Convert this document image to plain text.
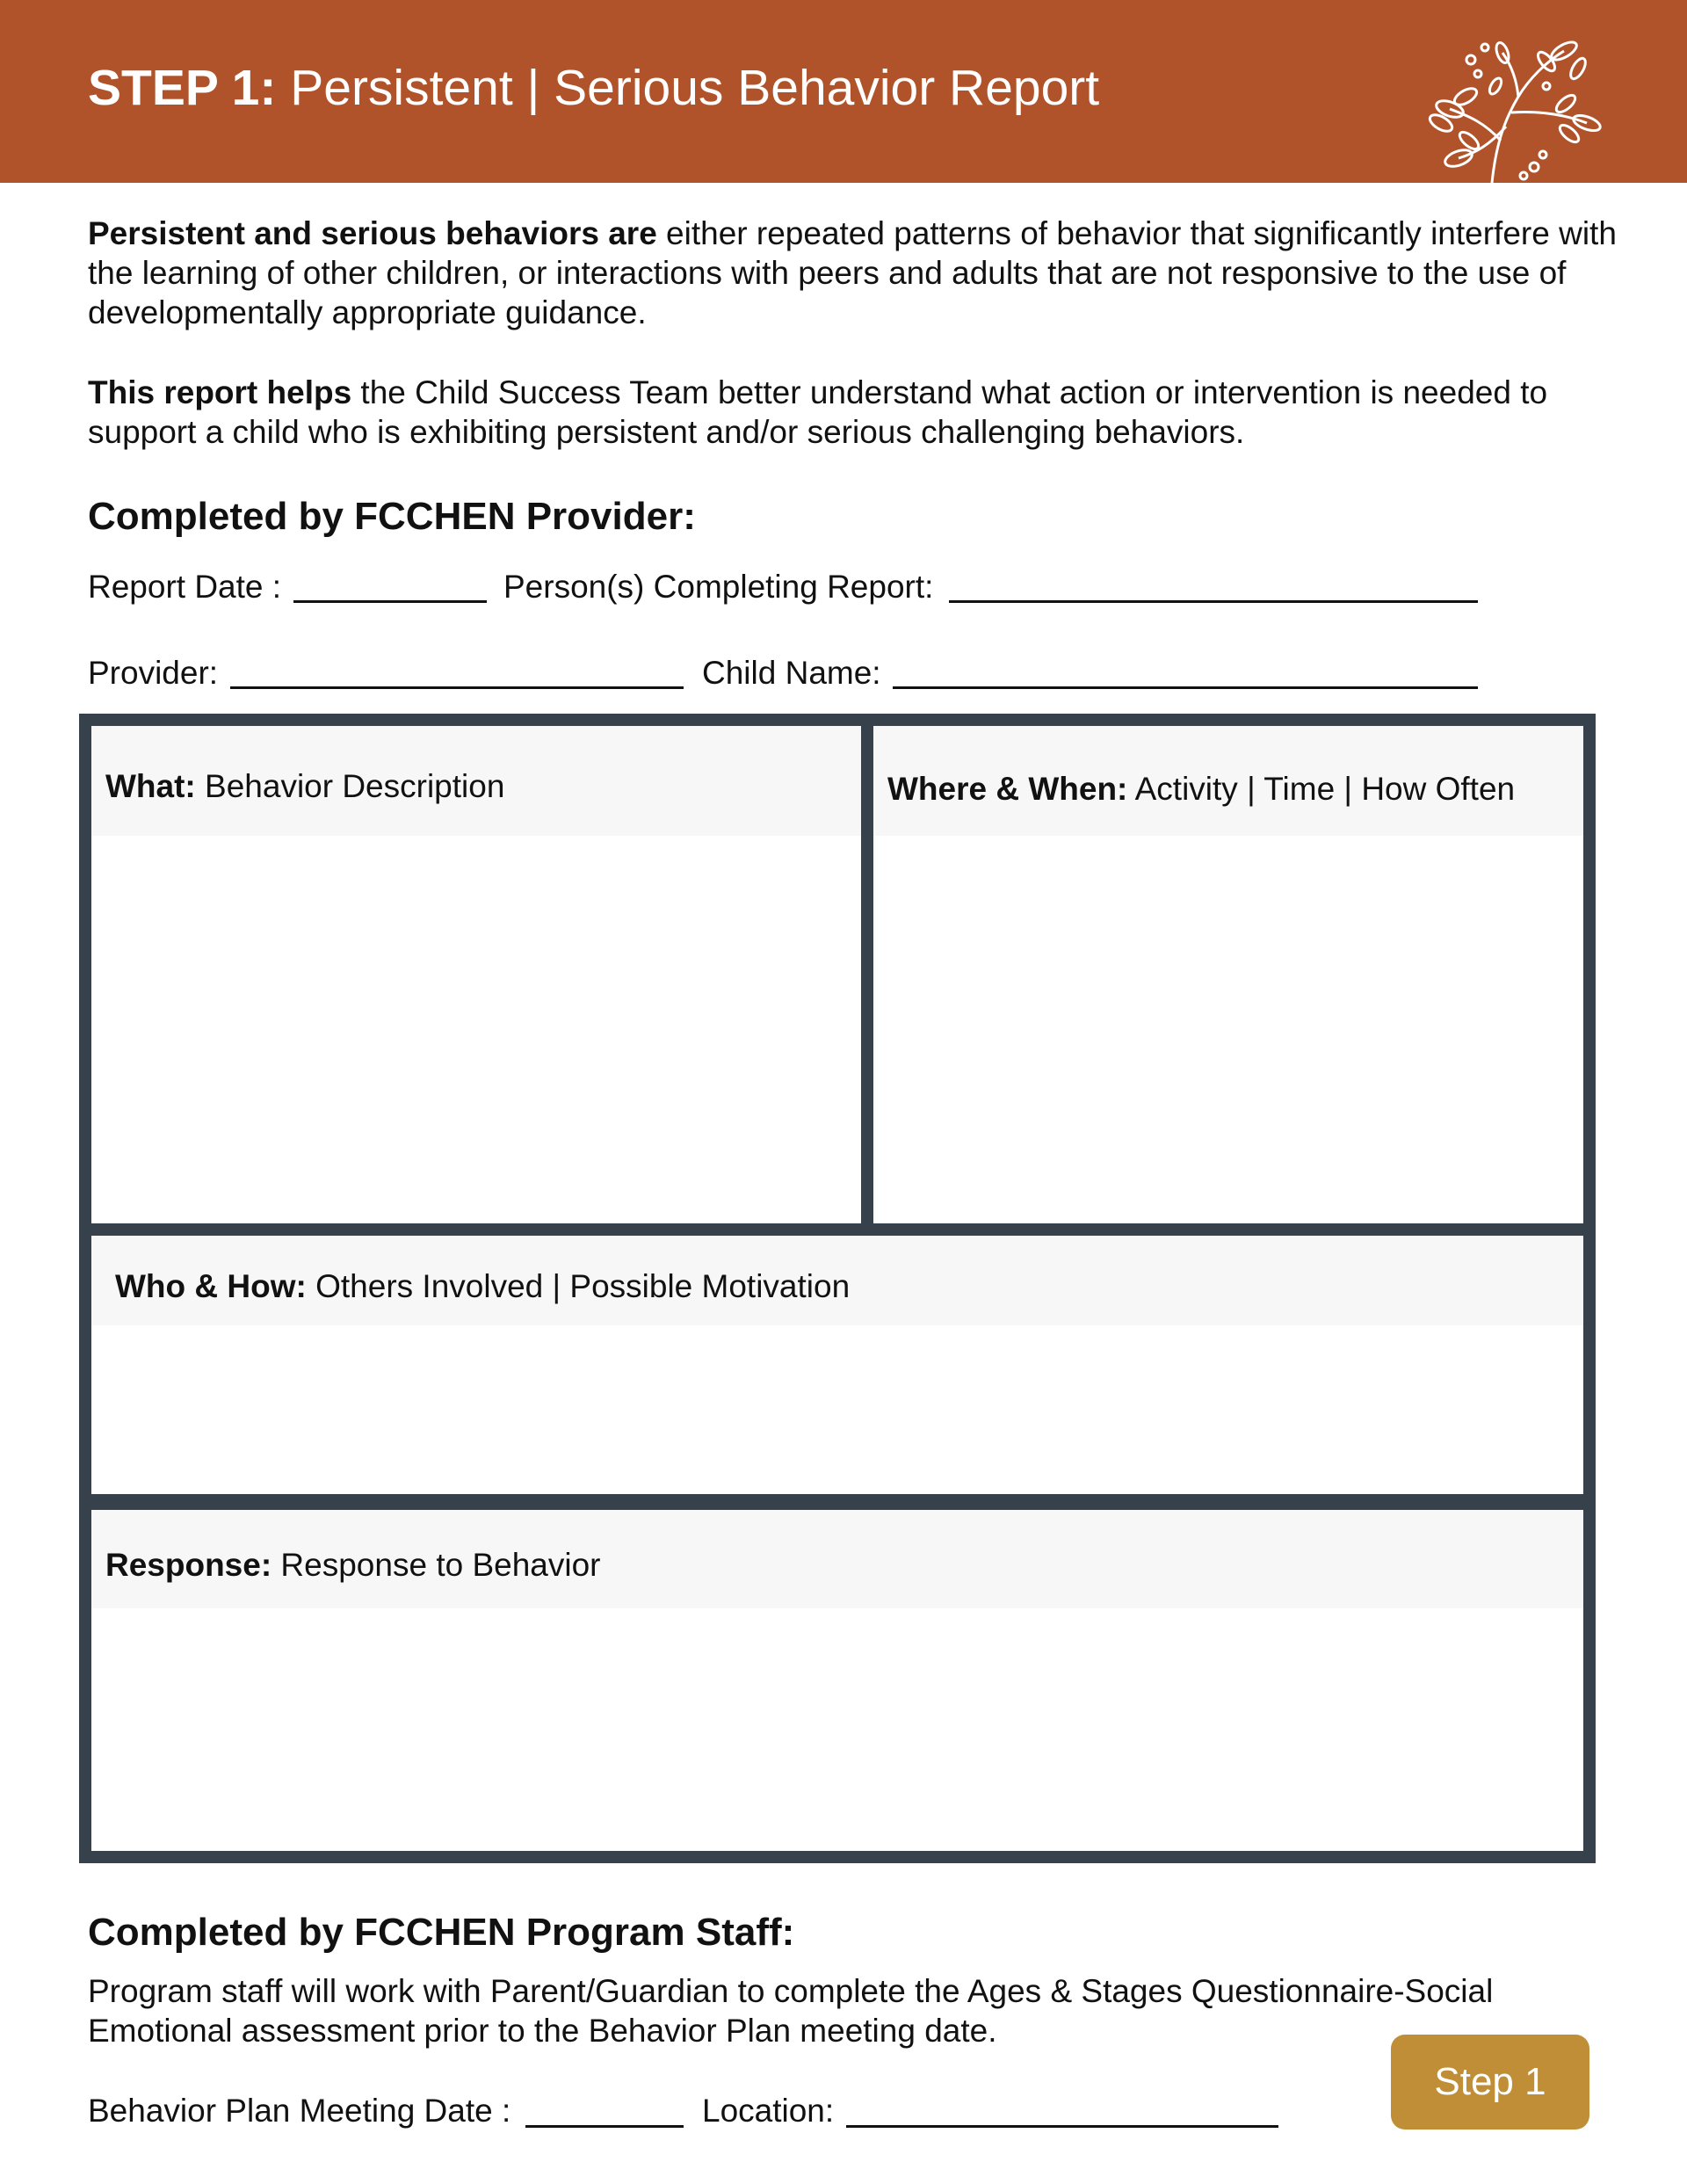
STEP 1: Persistent | Serious Behavior Report

Persistent and serious behaviors are either repeated patterns of behavior that significantly interfere with the learning of other children, or interactions with peers and adults that are not responsive to the use of developmentally appropriate guidance.

This report helps the Child Success Team better understand what action or intervention is needed to support a child who is exhibiting persistent and/or serious challenging behaviors.

Completed by FCCHEN Provider:
Report Date :	Person(s) Completing Report:
Provider:	Child Name:
What: Behavior Description	Where & When: Activity | Time | How Often
Who & How: Others Involved | Possible Motivation
Response: Response to Behavior
Completed by FCCHEN Program Staff:

Program staff will work with Parent/Guardian to complete the Ages & Stages Questionnaire-Social Emotional assessment prior to the Behavior Plan meeting date.

Behavior Plan Meeting Date :	Location:
Step 1
